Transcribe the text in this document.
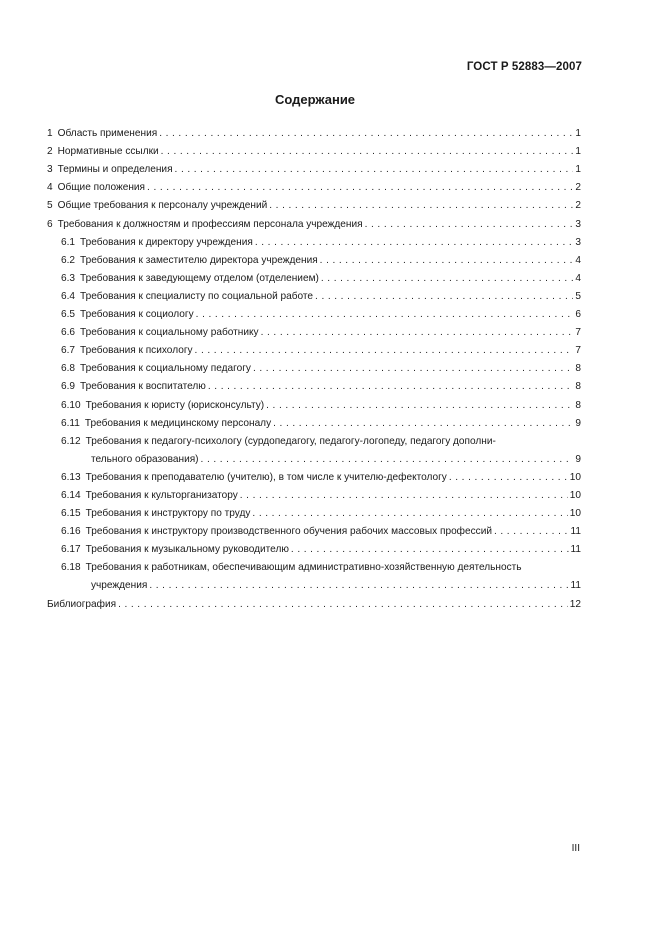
ГОСТ Р 52883—2007
Содержание
1 Область применения . . .	1
2 Нормативные ссылки . . .	1
3 Термины и определения . . .	1
4 Общие положения . . .	2
5 Общие требования к персоналу учреждений . . .	2
6 Требования к должностям и профессиям персонала учреждения . . .	3
6.1 Требования к директору учреждения . . .	3
6.2 Требования к заместителю директора учреждения . . .	4
6.3 Требования к заведующему отделом (отделением) . . .	4
6.4 Требования к специалисту по социальной работе . . .	5
6.5 Требования к социологу . . .	6
6.6 Требования к социальному работнику . . .	7
6.7 Требования к психологу . . .	7
6.8 Требования к социальному педагогу . . .	8
6.9 Требования к воспитателю . . .	8
6.10 Требования к юристу (юрисконсульту) . . .	8
6.11 Требования к медицинскому персоналу . . .	9
6.12 Требования к педагогу-психологу (сурдопедагогу, педагогу-логопеду, педагогу дополни-
тельного образования) . . .	9
6.13 Требования к преподавателю (учителю), в том числе к учителю-дефектологу . . .	10
6.14 Требования к культорганизатору . . .	10
6.15 Требования к инструктору по труду . . .	10
6.16 Требования к инструктору производственного обучения рабочих массовых профессий . . .	11
6.17 Требования к музыкальному руководителю . . .	11
6.18 Требования к работникам, обеспечивающим административно-хозяйственную деятельность
учреждения . . .	11
Библиография . . .	12
III
